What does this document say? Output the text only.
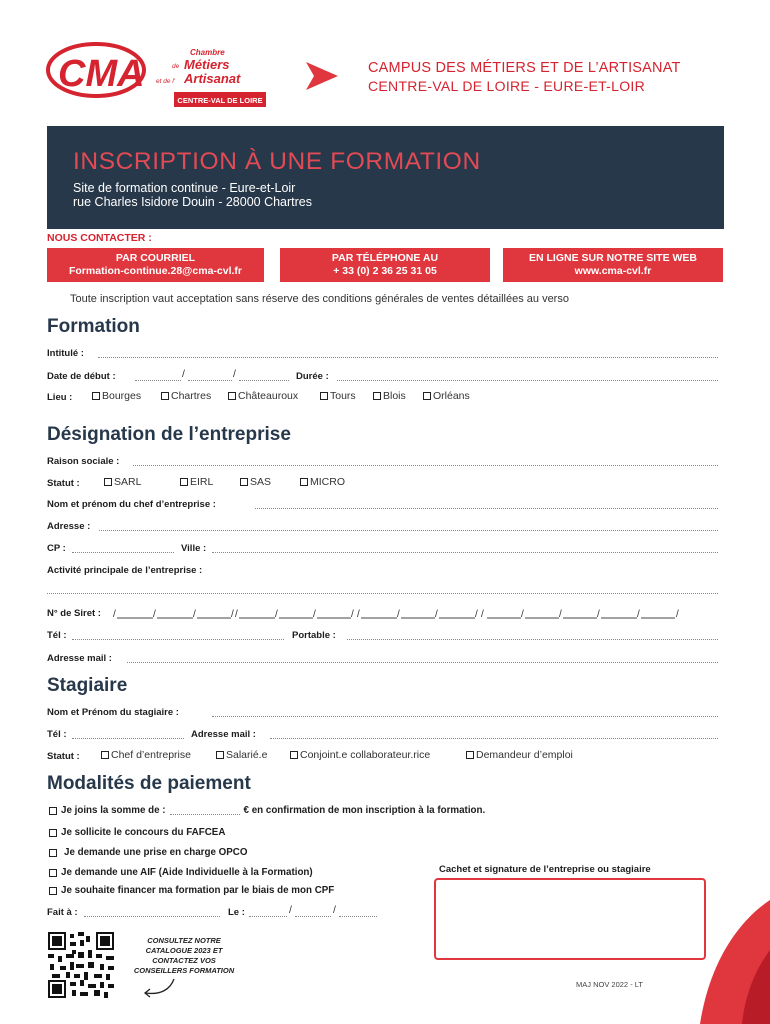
CMA
Chambre
de Métiers
et de l' Artisanat
CENTRE-VAL DE LOIRE
CAMPUS DES MÉTIERS ET DE L’ARTISANAT
CENTRE-VAL DE LOIRE - EURE-ET-LOIR
INSCRIPTION À UNE FORMATION
Site de formation continue - Eure-et-Loir
rue Charles Isidore Douin - 28000 Chartres
NOUS CONTACTER :
PAR COURRIEL
Formation-continue.28@cma-cvl.fr
PAR TÉLÉPHONE AU
+ 33 (0) 2 36 25 31 05
EN LIGNE SUR NOTRE SITE WEB
www.cma-cvl.fr
Toute inscription vaut acceptation sans réserve des conditions générales de ventes détaillées au verso
Formation
Intitulé :
Date de début :	/	/	Durée :
Lieu :	Bourges	Chartres	Châteauroux	Tours	Blois	Orléans
Désignation de l’entreprise
Raison sociale :
Statut :	SARL	EIRL	SAS	MICRO
Nom et prénom du chef d’entreprise :
Adresse :
CP :	Ville :
Activité principale de l’entreprise :
N° de Siret : /	/	/	/ /	/	/	/ /	/	/	/ /	/	/	/	/	/
Tél :	Portable :
Adresse mail :
Stagiaire
Nom et Prénom du stagiaire :
Tél :	Adresse mail :
Statut :	Chef d’entreprise	Salarié.e	Conjoint.e collaborateur.rice	Demandeur d’emploi
Modalités de paiement
Je joins la somme de :	€ en confirmation de mon inscription à la formation.
Je sollicite le concours du FAFCEA
Je demande une prise en charge OPCO
Je demande une AIF (Aide Individuelle à la Formation)
Je souhaite financer ma formation par le biais de mon CPF
Fait à :	Le :	/	/
Cachet et signature de l’entreprise ou stagiaire
CONSULTEZ NOTRE
CATALOGUE 2023 ET
CONTACTEZ VOS
CONSEILLERS FORMATION
MAJ NOV 2022 - LT
